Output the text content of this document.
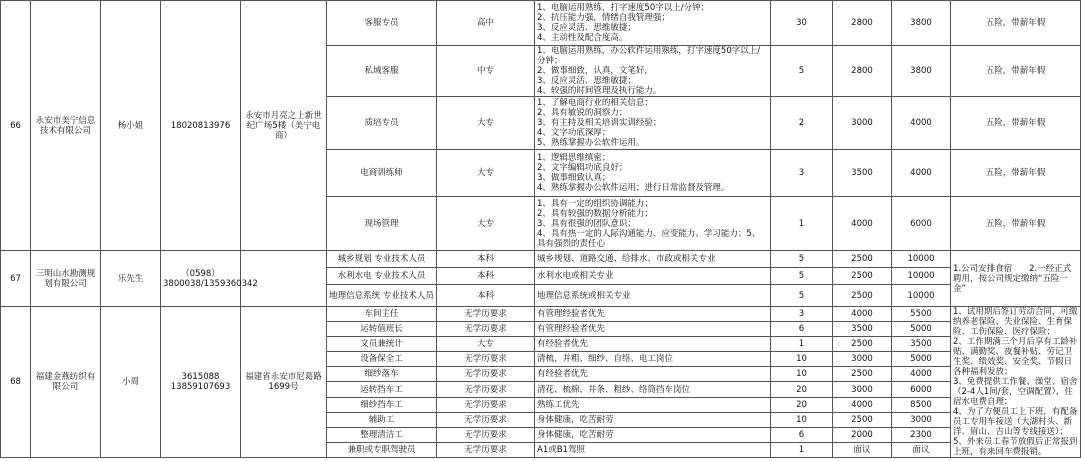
66	永安市美宁信息技术有限公司	杨小姐	18020813976	永安市月亮之上新世纪广场5楼（美宁电商）	客服专员	高中	1、电脑运用熟练，打字速度50字以上/分钟；
2、抗压能力强，情绪自我管理强；
3、反应灵活、思维敏捷；
4、主动性及配合度高。	30	2800	3800	五险，带薪年假
					私域客服	中专	1、电脑运用熟练，办公软件运用熟练，打字速度50字以上/分钟；
2、做事细致，认真，文笔好，
3、反应灵活、思维敏捷；
4、较强的时间管理及执行能力。	5	2800	3800	五险，带薪年假
					质培专员	大专	1、了解电商行业的相关信息；
2、具有敏锐的洞察力；
3、有主持及相关培训实训经验；
4、文字功底深厚；
5、熟练掌握办公软件运用。	2	3000	4000	五险，带薪年假
					电商训练师	大专	1、逻辑思维缜密；
2、文字编辑功底良好；
3、做事细致认真；
4、熟练掌握办公软件运用；进行日常监督及管理。	3	3500	4000	五险，带薪年假
					现场管理	大专	1、具有一定的组织协调能力；
2、具有较强的数据分析能力；
3、具有很强的团队意识；
4、具有热一定的人际沟通能力、应变能力、学习能力；5、具有强烈的责任心	1	4000	6000	五险，带薪年假
67	三明山水勘测规划有限公司	乐先生	（0598）3800038/1359360342		城乡规划 专业技术人员	本科	城乡规划、道路交通、给排水、市政或相关专业	5	2500	10000	1.公司安排食宿　　2.一经正式聘用，按公司规定缴纳“五险一金”
					水利水电 专业技术人员	本科	水利水电或相关专业	5	2500	10000	
					地理信息系统 专业技术人员	本科	地理信息系统或相关专业	5	2500	10000	
68	福建金燕纺织有限公司	小周	3615088
13859107693	福建省永安市尼葛路1699号	车间主任	无学历要求	有管理经验者优先	3	4000	5500	1、试用期后签订劳动合同，可缴纳养老保险、失业保险、生育保险、工伤保险、医疗保险；
2、工作期满三个月后享有工龄补贴、满勤奖、夜餐补贴、劳记卫生奖、绩效奖、安全奖、节假日各种福利发放；
3、免费提供工作餐、澡堂、宿舍（2-4人1间/套，空调配置），住宿水电费自理；
4、为了方便员工上下班，有配备员工专用车接送（大湖村头、新洋、眉山、吉山等专线接送）；
5、外来员工春节放假后正常报到上班，有来回车费报销。
					运转值班长	无学历要求	有管理经验者优先	6	3500	5000	
					文员兼统计	大专	有经验者优先	1	2500	3500	
					设备保全工	无学历要求	清梳、并粗、细纱、自络、电工岗位	10	3000	5000	
					细纱落车	无学历要求	有经验者优先	10	2500	4000	
					运转挡车工	无学历要求	清花、梳棉、并条、粗纱、络筒挡车岗位	20	3000	6000	
					细纱挡车工	无学历要求	熟练工优先	20	4000	8500	
					辅助工	无学历要求	身体健康，吃苦耐劳	10	2500	3000	
					整理清洁工	无学历要求	身体健康，吃苦耐劳	6	2000	2300	
					兼职或专职驾驶员	无学历要求	A1或B1驾照	1	面议	面议	
